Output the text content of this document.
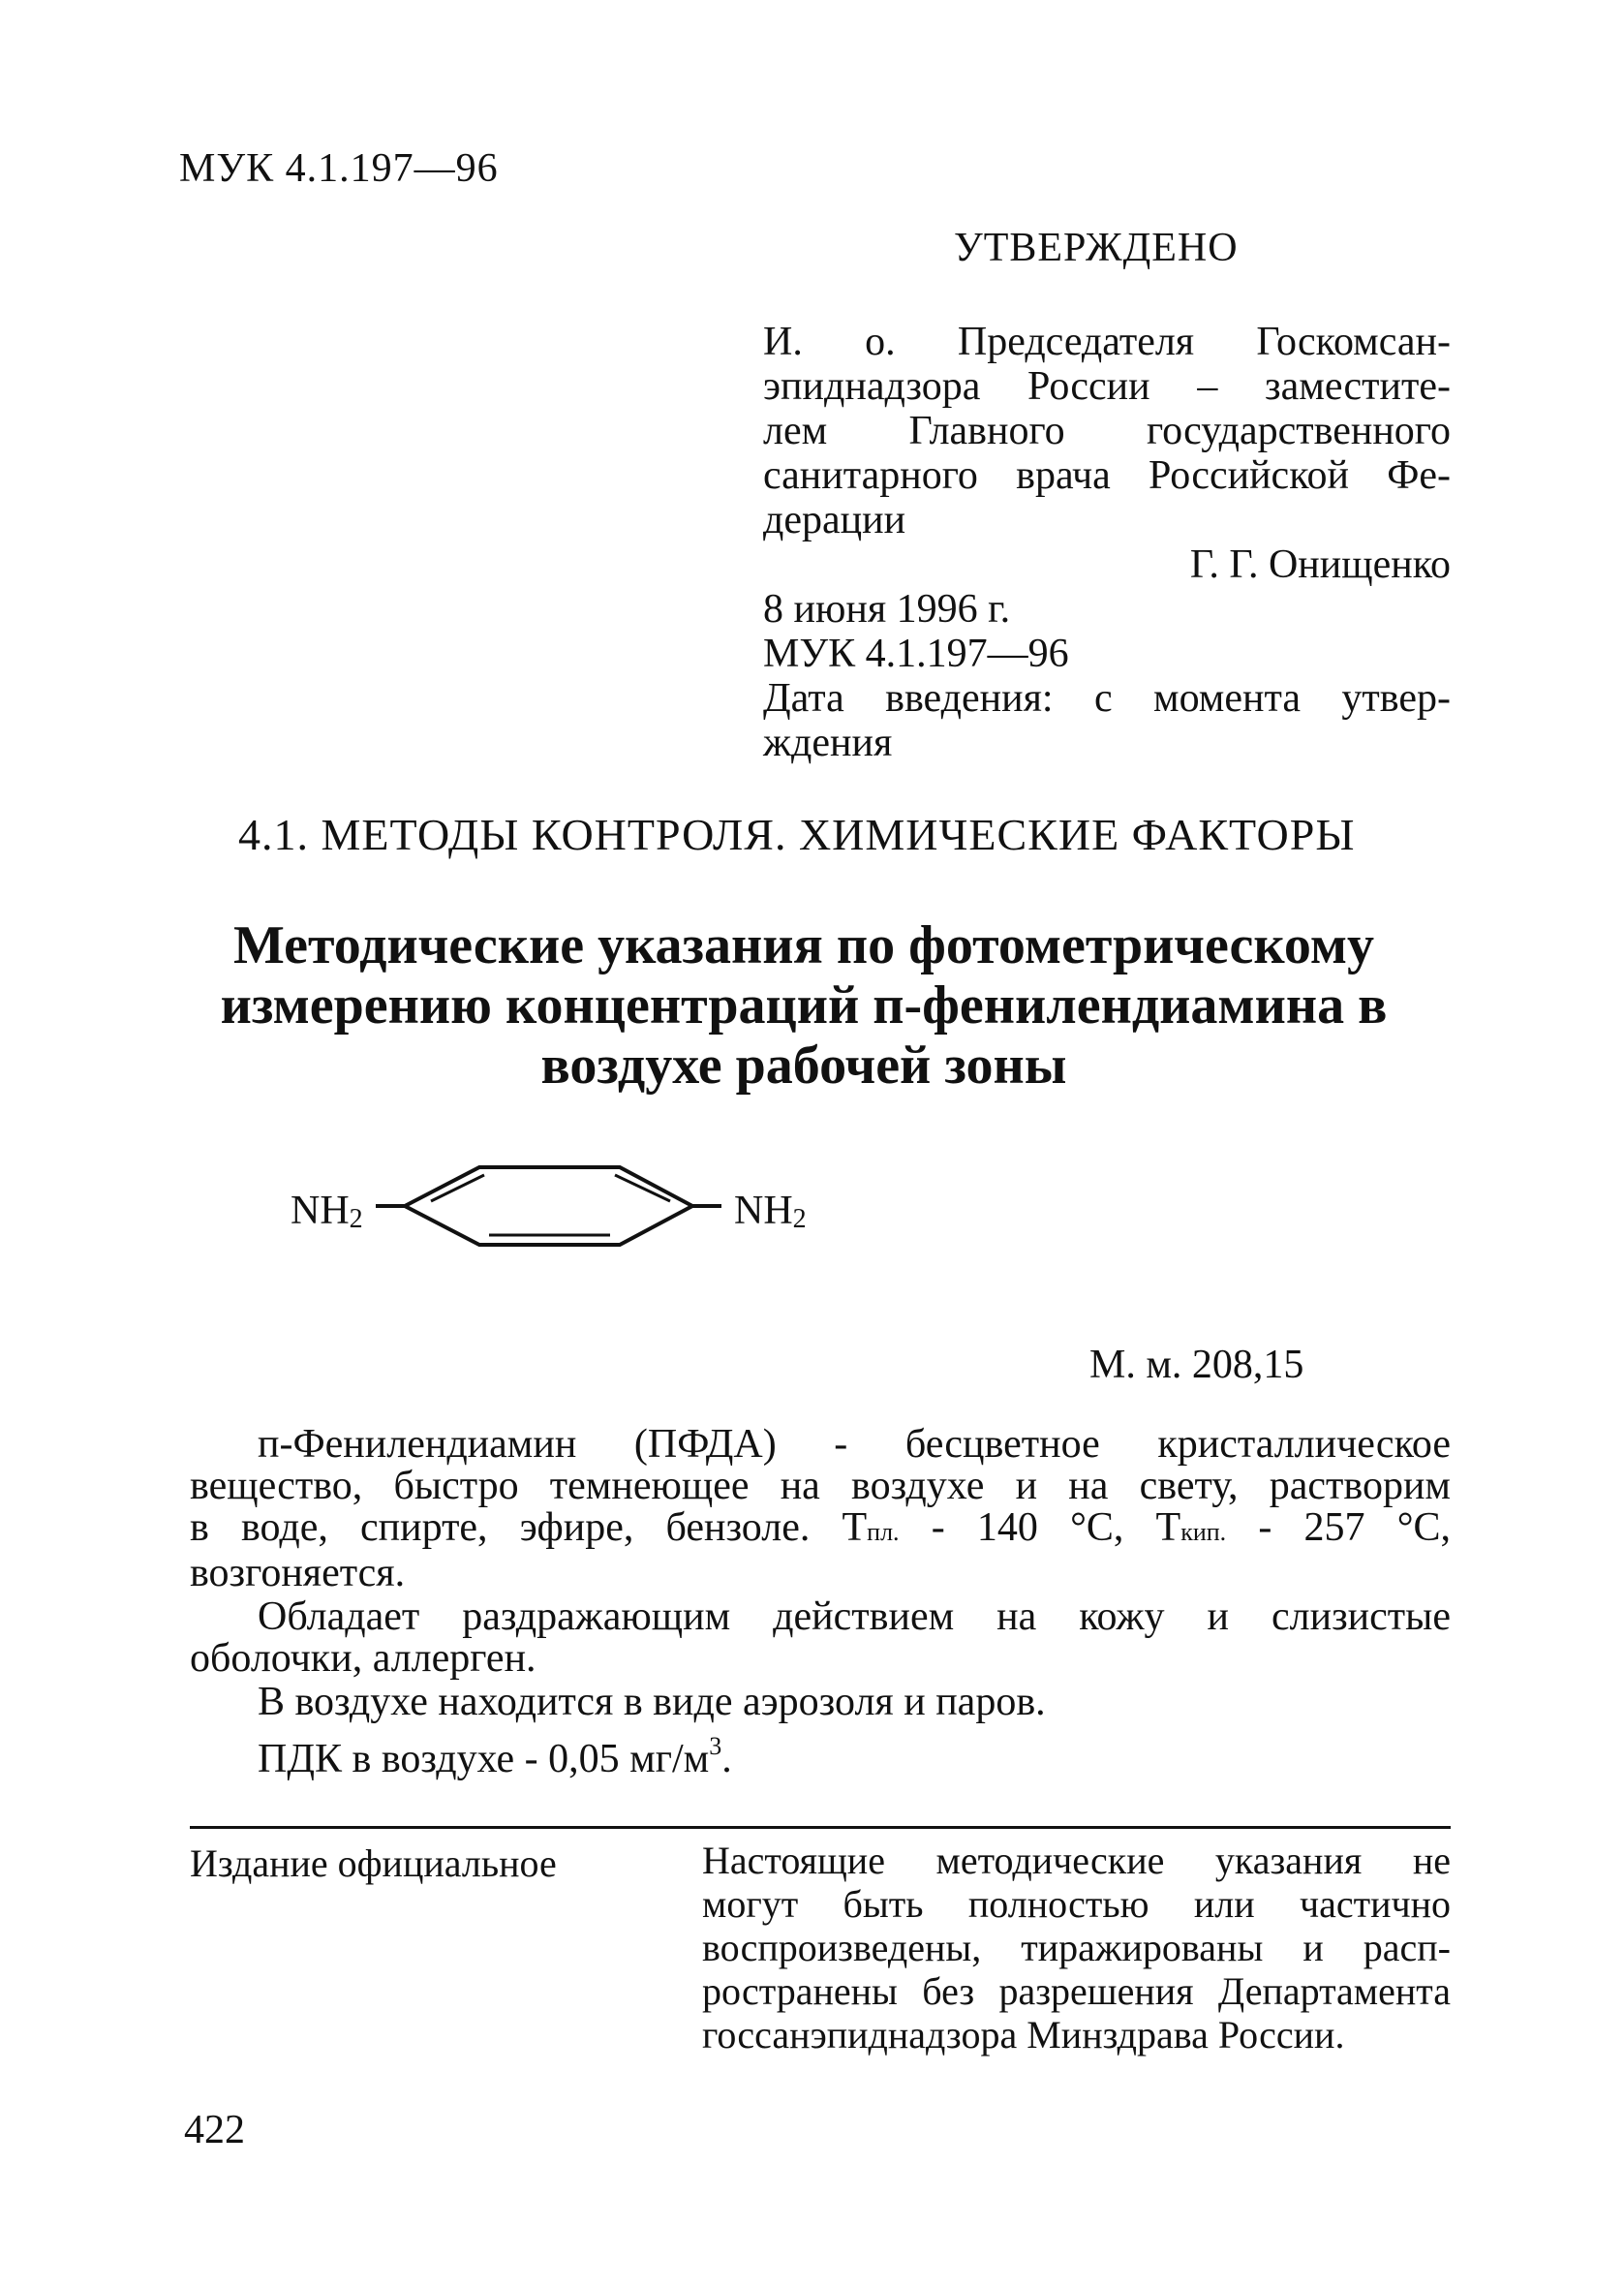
МУК 4.1.197—96
УТВЕРЖДЕНО
И. о. Председателя Госкомсан-
эпиднадзора России – заместите-
лем Главного государственного
санитарного врача Российской Фе-
дерации
Г. Г. Онищенко
8 июня 1996 г.
МУК 4.1.197—96
Дата введения: с момента утвер-
ждения
4.1. МЕТОДЫ КОНТРОЛЯ. ХИМИЧЕСКИЕ ФАКТОРЫ
Методические указания по фотометрическому
измерению концентраций п-фенилендиамина в
воздухе рабочей зоны
NH2	NH2
М. м. 208,15
п-Фенилендиамин (ПФДА) - бесцветное кристаллическое
вещество, быстро темнеющее на воздухе и на свету, растворим
в воде, спирте, эфире, бензоле. Тпл. - 140 °С, Ткип. - 257 °С,
возгоняется.
Обладает раздражающим действием на кожу и слизистые
оболочки, аллерген.
В воздухе находится в виде аэрозоля и паров.
ПДК в воздухе - 0,05 $мг/м^3$.
Издание официальное	Настоящие методические указания не
могут быть полностью или частично
воспроизведены, тиражированы и расп-
ространены без разрешения Департамента
госсанэпиднадзора Минздрава России.
422
